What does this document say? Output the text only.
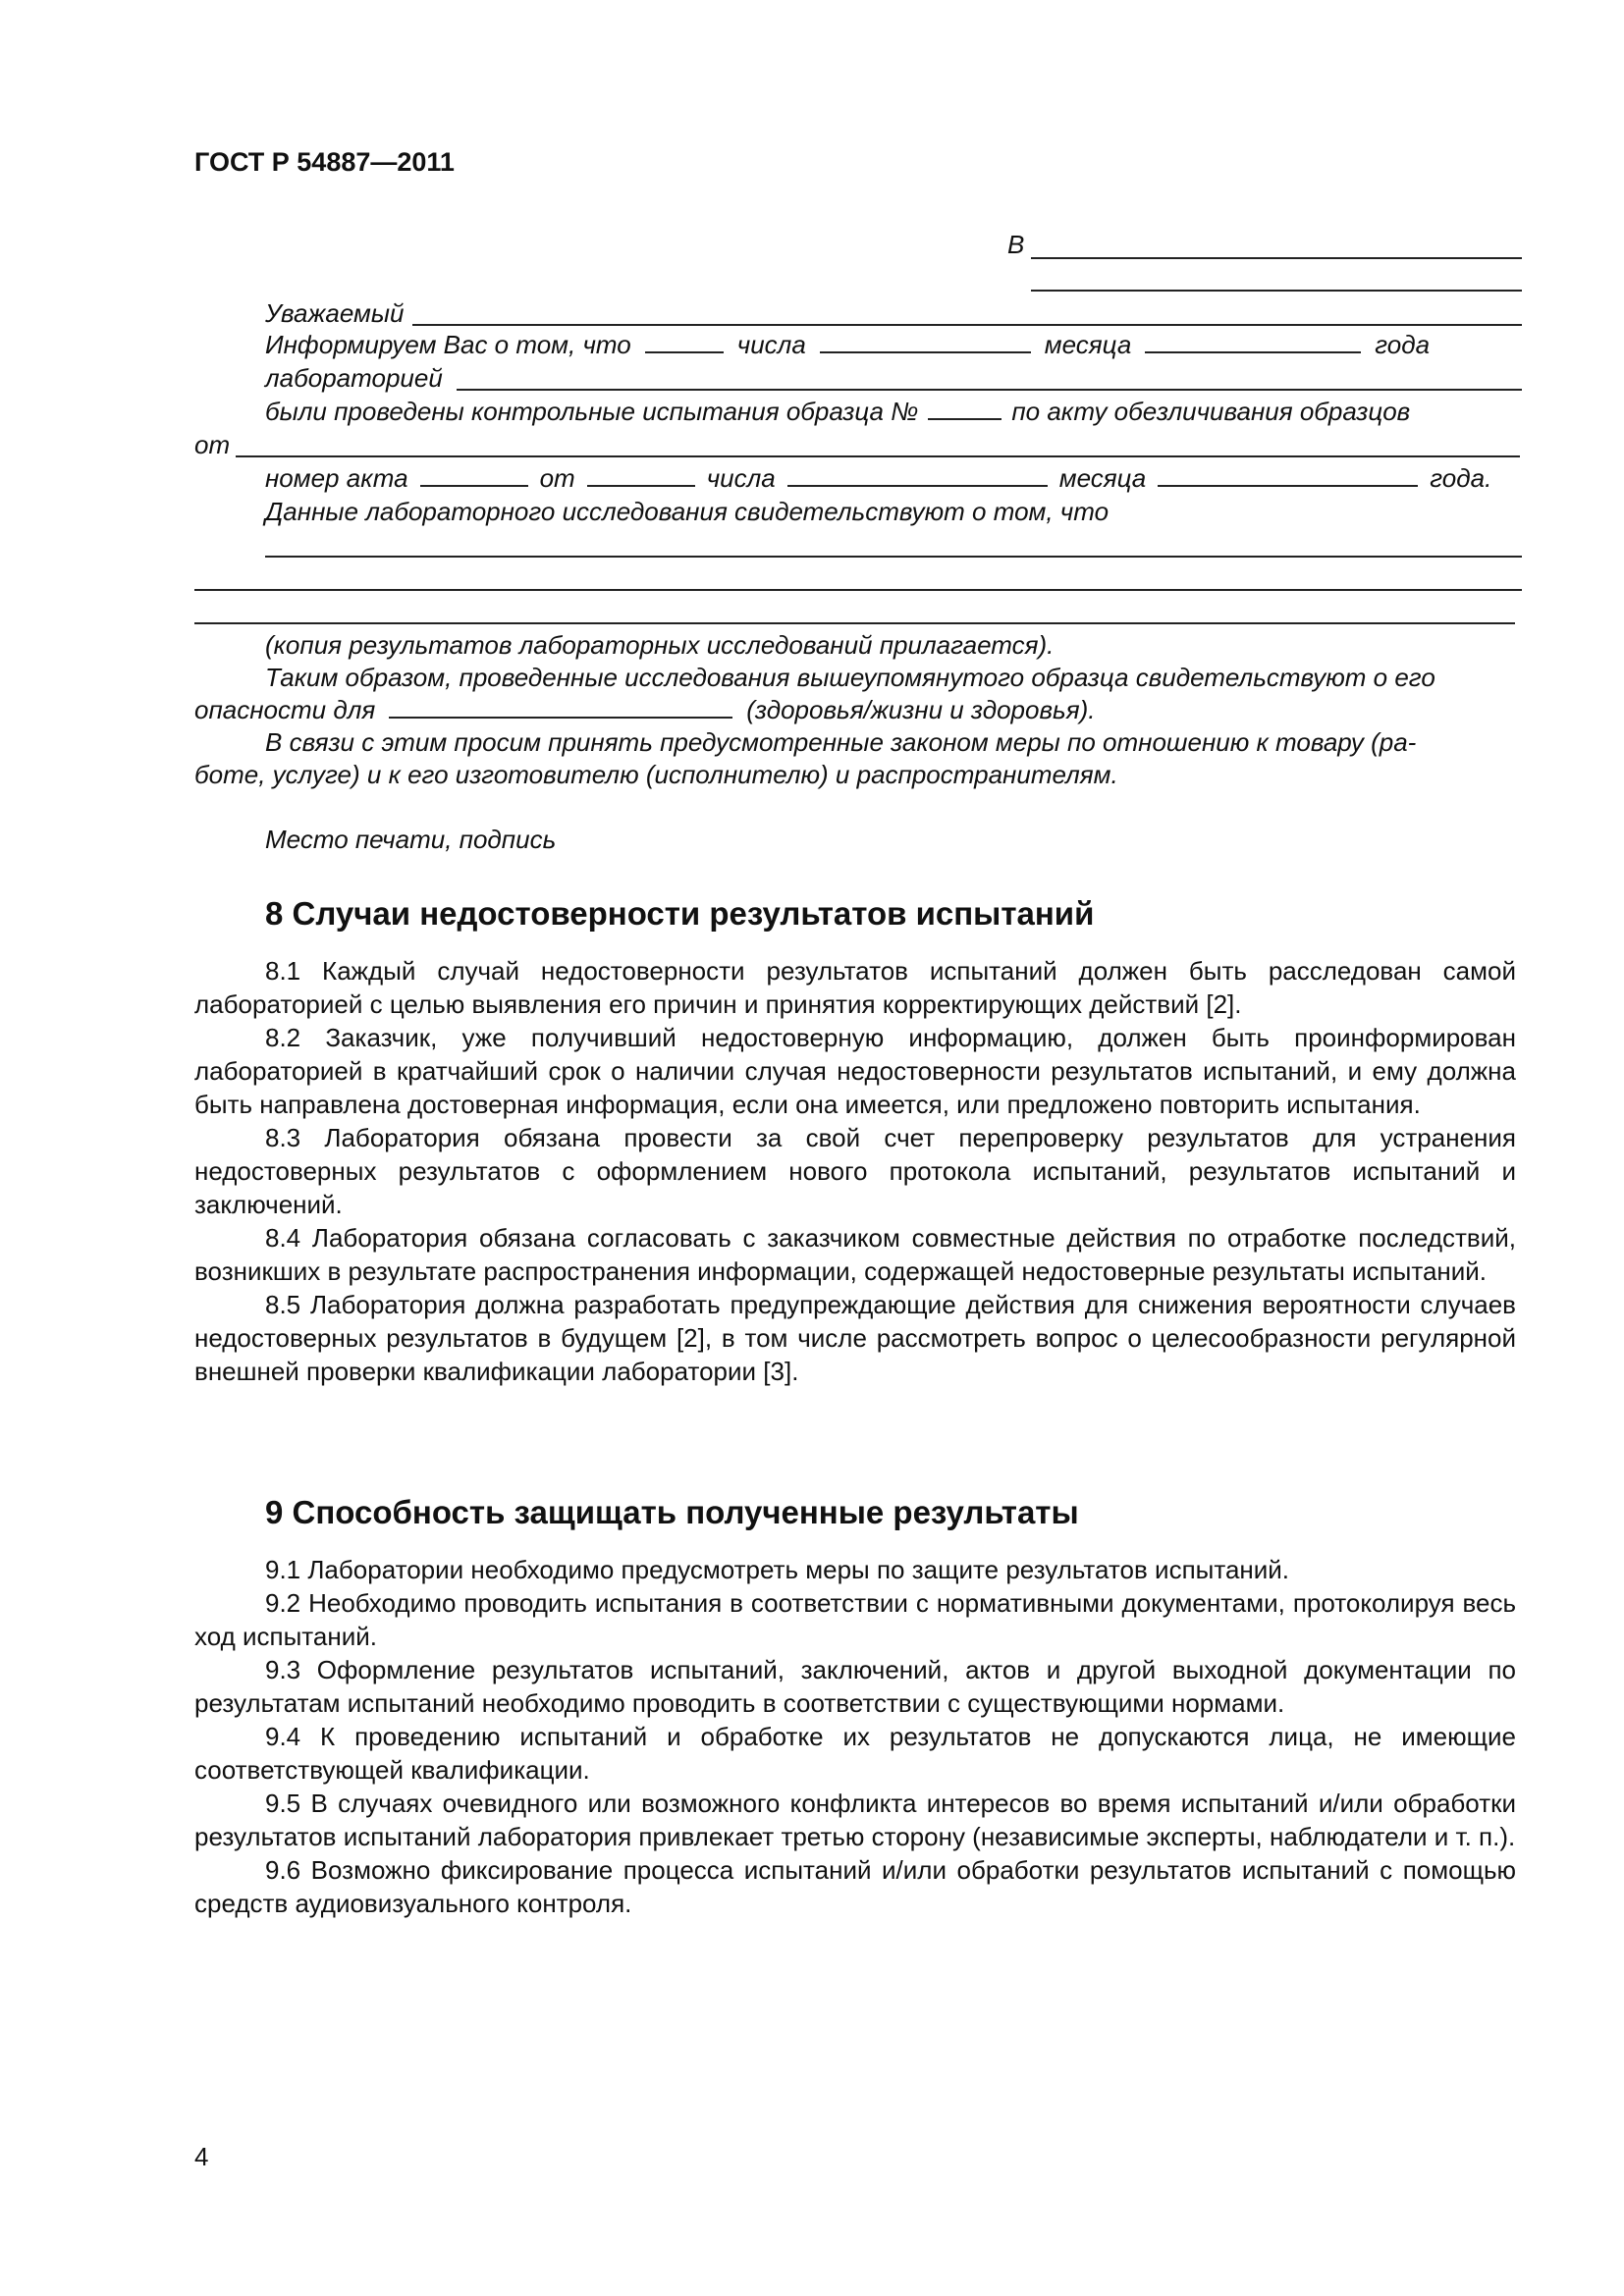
ГОСТ Р 54887—2011
В
Уважаемый
Информируем Вас о том, что	числа	месяца	года
лабораторией
были проведены контрольные испытания образца №	по акту обезличивания образцов
от
номер акта	от	числа	месяца	года.
Данные лабораторного исследования свидетельствуют о том, что
(копия результатов лабораторных исследований прилагается).
Таким образом, проведенные исследования вышеупомянутого образца свидетельствуют о его
опасности для	(здоровья/жизни и здоровья).
В связи с этим просим принять предусмотренные законом меры по отношению к товару (ра-
боте, услуге) и к его изготовителю (исполнителю) и распространителям.
Место печати, подпись
8 Случаи недостоверности результатов испытаний
8.1 Каждый случай недостоверности результатов испытаний должен быть расследован самой лабораторией с целью выявления его причин и принятия корректирующих действий [2].
8.2 Заказчик, уже получивший недостоверную информацию, должен быть проинформирован лабораторией в кратчайший срок о наличии случая недостоверности результатов испытаний, и ему должна быть направлена достоверная информация, если она имеется, или предложено повторить испытания.
8.3 Лаборатория обязана провести за свой счет перепроверку результатов для устранения недостоверных результатов с оформлением нового протокола испытаний, результатов испытаний и заключений.
8.4 Лаборатория обязана согласовать с заказчиком совместные действия по отработке последствий, возникших в результате распространения информации, содержащей недостоверные результаты испытаний.
8.5 Лаборатория должна разработать предупреждающие действия для снижения вероятности случаев недостоверных результатов в будущем [2], в том числе рассмотреть вопрос о целесообразности регулярной внешней проверки квалификации лаборатории [3].
9 Способность защищать полученные результаты
9.1 Лаборатории необходимо предусмотреть меры по защите результатов испытаний.
9.2 Необходимо проводить испытания в соответствии с нормативными документами, протоколируя весь ход испытаний.
9.3 Оформление результатов испытаний, заключений, актов и другой выходной документации по результатам испытаний необходимо проводить в соответствии с существующими нормами.
9.4 К проведению испытаний и обработке их результатов не допускаются лица, не имеющие соответствующей квалификации.
9.5 В случаях очевидного или возможного конфликта интересов во время испытаний и/или обработки результатов испытаний лаборатория привлекает третью сторону (независимые эксперты, наблюдатели и т. п.).
9.6 Возможно фиксирование процесса испытаний и/или обработки результатов испытаний с помощью средств аудиовизуального контроля.
4
